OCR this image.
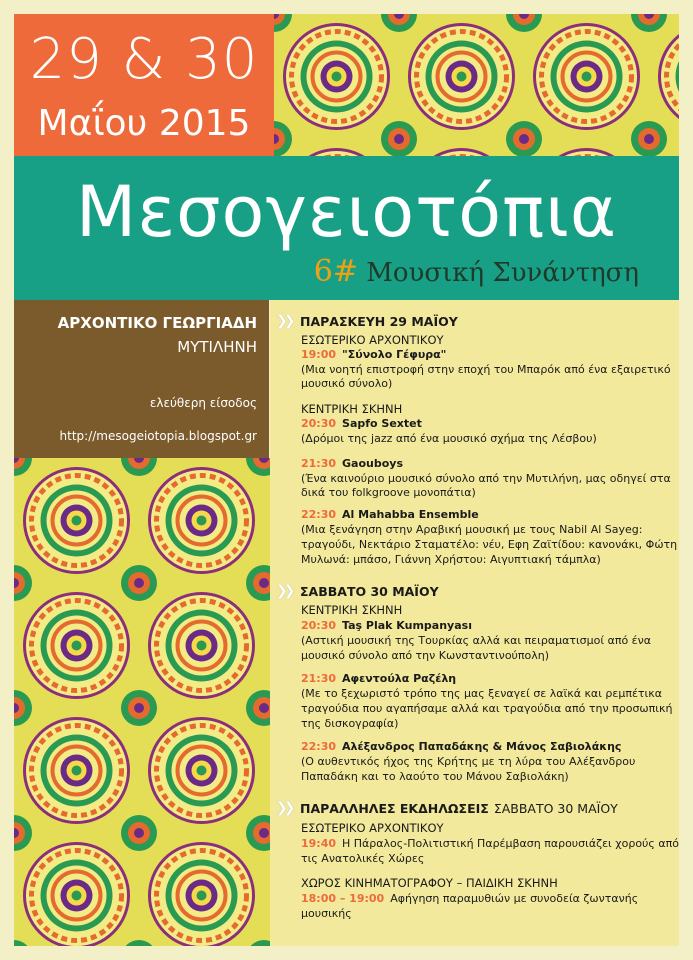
29 & 30
Μαΐου 2015
Μεσογειοτόπια
6# Μουσική Συνάντηση
ΑΡΧΟΝΤΙΚΟ ΓΕΩΡΓΙΑΔΗ
ΜΥΤΙΛΗΝΗ
ελεύθερη είσοδος
http://mesogeiotopia.blogspot.gr
❯❯ ΠΑΡΑΣΚΕΥΗ 29 ΜΑΪΟΥ
ΕΣΩΤΕΡΙΚΟ ΑΡΧΟΝΤΙΚΟΥ
19:00 "Σύνολο Γέφυρα"
(Μια νοητή επιστροφή στην εποχή του Μπαρόκ από ένα εξαιρετικό
μουσικό σύνολο)
ΚΕΝΤΡΙΚΗ ΣΚΗΝΗ
20:30 Sapfo Sextet
(Δρόμοι της jazz από ένα μουσικό σχήμα της Λέσβου)
21:30 Gaouboys
(Ένα καινούριο μουσικό σύνολο από την Μυτιλήνη, μας οδηγεί στα
δικά του folkgroove μονοπάτια)
22:30 Al Mahabba Ensemble
(Μια ξενάγηση στην Αραβική μουσική με τους Nabil Al Sayeg:
τραγούδι, Νεκτάριο Σταματέλο: νέυ, Εφη Ζαϊτίδου: κανονάκι, Φώτη
Μυλωνά: μπάσο, Γιάννη Χρήστου: Αιγυπτιακή τάμπλα)
❯❯ ΣΑΒΒΑΤΟ 30 ΜΑΪΟΥ
ΚΕΝΤΡΙΚΗ ΣΚΗΝΗ
20:30 Taş Plak Kumpanyası
(Αστική μουσική της Τουρκίας αλλά και πειραματισμοί από ένα
μουσικό σύνολο από την Κωνσταντινούπολη)
21:30 Αφεντούλα Ραζέλη
(Με το ξεχωριστό τρόπο της μας ξεναγεί σε λαϊκά και ρεμπέτικα
τραγούδια που αγαπήσαμε αλλά και τραγούδια από την προσωπική
της δισκογραφία)
22:30 Αλέξανδρος Παπαδάκης & Μάνος Σαβιολάκης
(Ο αυθεντικός ήχος της Κρήτης με τη λύρα του Αλέξανδρου
Παπαδάκη και το λαούτο του Μάνου Σαβιολάκη)
❯❯ ΠΑΡΑΛΛΗΛΕΣ ΕΚΔΗΛΩΣΕΙΣ ΣΑΒΒΑΤΟ 30 ΜΑΪΟΥ
ΕΣΩΤΕΡΙΚΟ ΑΡΧΟΝΤΙΚΟΥ
19:40 Η Πάραλος-Πολιτιστική Παρέμβαση παρουσιάζει χορούς από
τις Ανατολικές Χώρες
ΧΩΡΟΣ ΚΙΝΗΜΑΤΟΓΡΑΦΟΥ – ΠΑΙΔΙΚΗ ΣΚΗΝΗ
18:00 – 19:00 Αφήγηση παραμυθιών με συνοδεία ζωντανής
μουσικής
